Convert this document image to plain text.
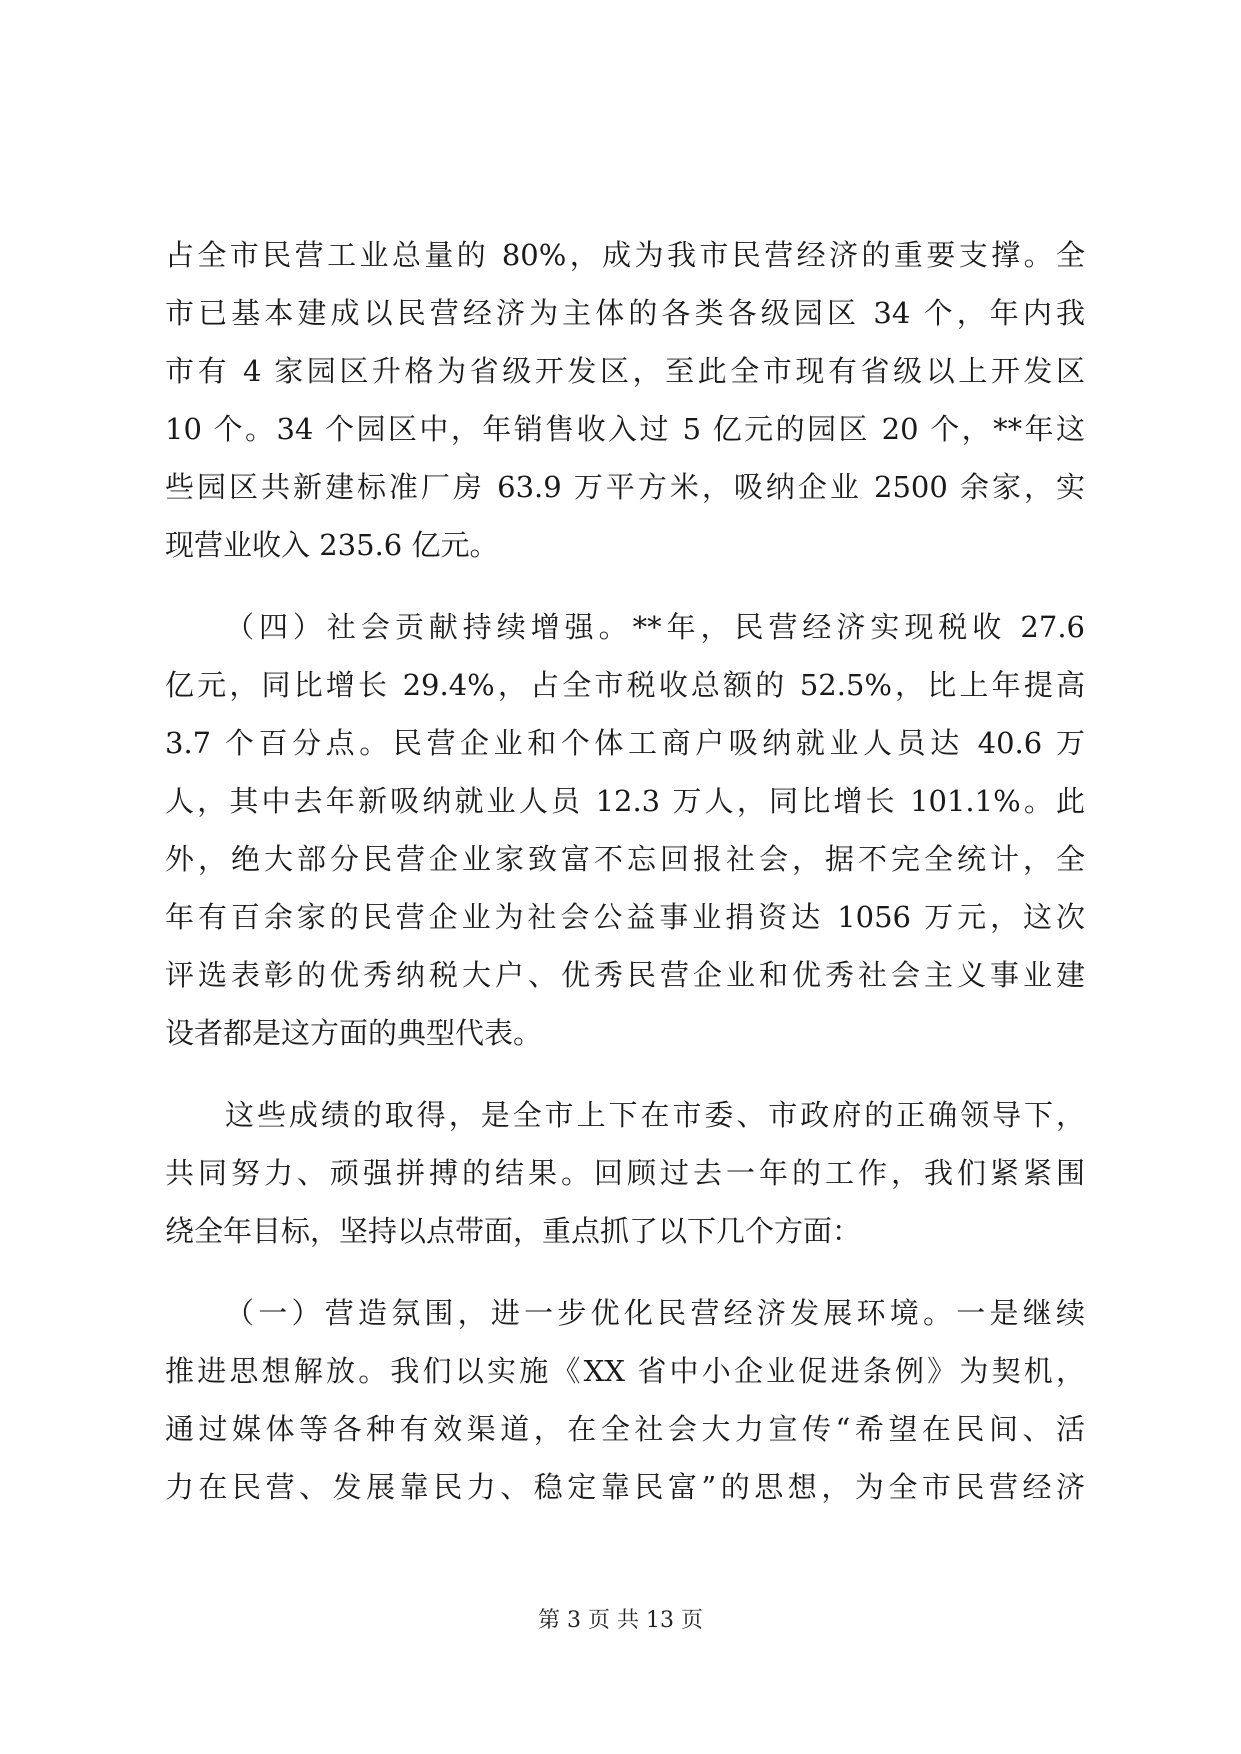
占全市民营工业总量的 80%，成为我市民营经济的重要支撑。全
市已基本建成以民营经济为主体的各类各级园区 34 个，年内我
市有 4 家园区升格为省级开发区，至此全市现有省级以上开发区
10 个。34 个园区中，年销售收入过 5 亿元的园区 20 个，**年这
些园区共新建标准厂房 63.9 万平方米，吸纳企业 2500 余家，实
现营业收入 235.6 亿元。
（四）社会贡献持续增强。**年，民营经济实现税收 27.6
亿元，同比增长 29.4%，占全市税收总额的 52.5%，比上年提高
3.7 个百分点。民营企业和个体工商户吸纳就业人员达 40.6 万
人，其中去年新吸纳就业人员 12.3 万人，同比增长 101.1%。此
外，绝大部分民营企业家致富不忘回报社会，据不完全统计，全
年有百余家的民营企业为社会公益事业捐资达 1056 万元，这次
评选表彰的优秀纳税大户、优秀民营企业和优秀社会主义事业建
设者都是这方面的典型代表。
这些成绩的取得，是全市上下在市委、市政府的正确领导下，
共同努力、顽强拼搏的结果。回顾过去一年的工作，我们紧紧围
绕全年目标，坚持以点带面，重点抓了以下几个方面：
（一）营造氛围，进一步优化民营经济发展环境。一是继续
推进思想解放。我们以实施《XX 省中小企业促进条例》为契机，
通过媒体等各种有效渠道，在全社会大力宣传“希望在民间、活
力在民营、发展靠民力、稳定靠民富”的思想，为全市民营经济
第 3 页 共 13 页
